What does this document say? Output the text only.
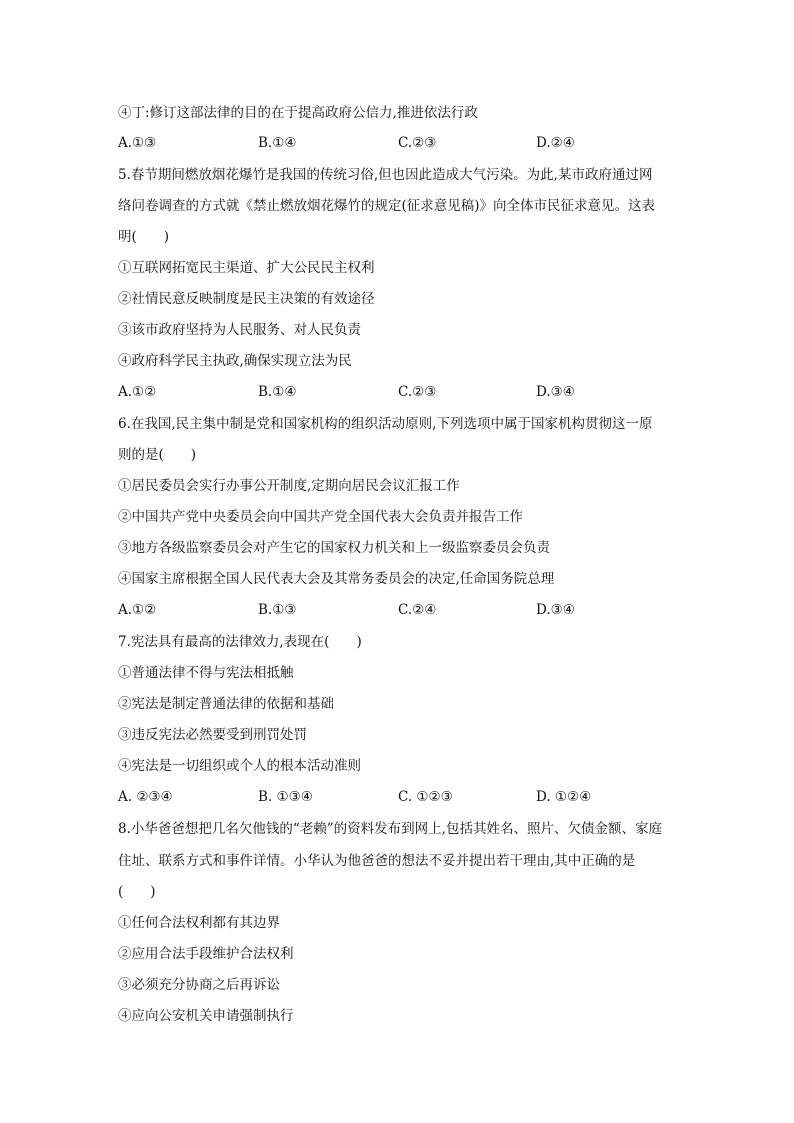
④丁:修订这部法律的目的在于提高政府公信力,推进依法行政
A.①③	B.①④	C.②③	D.②④
5.春节期间燃放烟花爆竹是我国的传统习俗,但也因此造成大气污染。为此,某市政府通过网
络问卷调查的方式就《禁止燃放烟花爆竹的规定(征求意见稿)》向全体市民征求意见。这表
明(　　)
①互联网拓宽民主渠道、扩大公民民主权利
②社情民意反映制度是民主决策的有效途径
③该市政府坚持为人民服务、对人民负责
④政府科学民主执政,确保实现立法为民
A.①②	B.①④	C.②③	D.③④
6.在我国,民主集中制是党和国家机构的组织活动原则,下列选项中属于国家机构贯彻这一原
则的是(　　)
①居民委员会实行办事公开制度,定期向居民会议汇报工作
②中国共产党中央委员会向中国共产党全国代表大会负责并报告工作
③地方各级监察委员会对产生它的国家权力机关和上一级监察委员会负责
④国家主席根据全国人民代表大会及其常务委员会的决定,任命国务院总理
A.①②	B.①③	C.②④	D.③④
7.宪法具有最高的法律效力,表现在(　　)
①普通法律不得与宪法相抵触
②宪法是制定普通法律的依据和基础
③违反宪法必然要受到刑罚处罚
④宪法是一切组织或个人的根本活动准则
A. ②③④	B. ①③④	C. ①②③	D. ①②④
8.小华爸爸想把几名欠他钱的“老赖”的资料发布到网上,包括其姓名、照片、欠债金额、家庭
住址、联系方式和事件详情。小华认为他爸爸的想法不妥并提出若干理由,其中正确的是
(　　)
①任何合法权利都有其边界
②应用合法手段维护合法权利
③必须充分协商之后再诉讼
④应向公安机关申请强制执行
